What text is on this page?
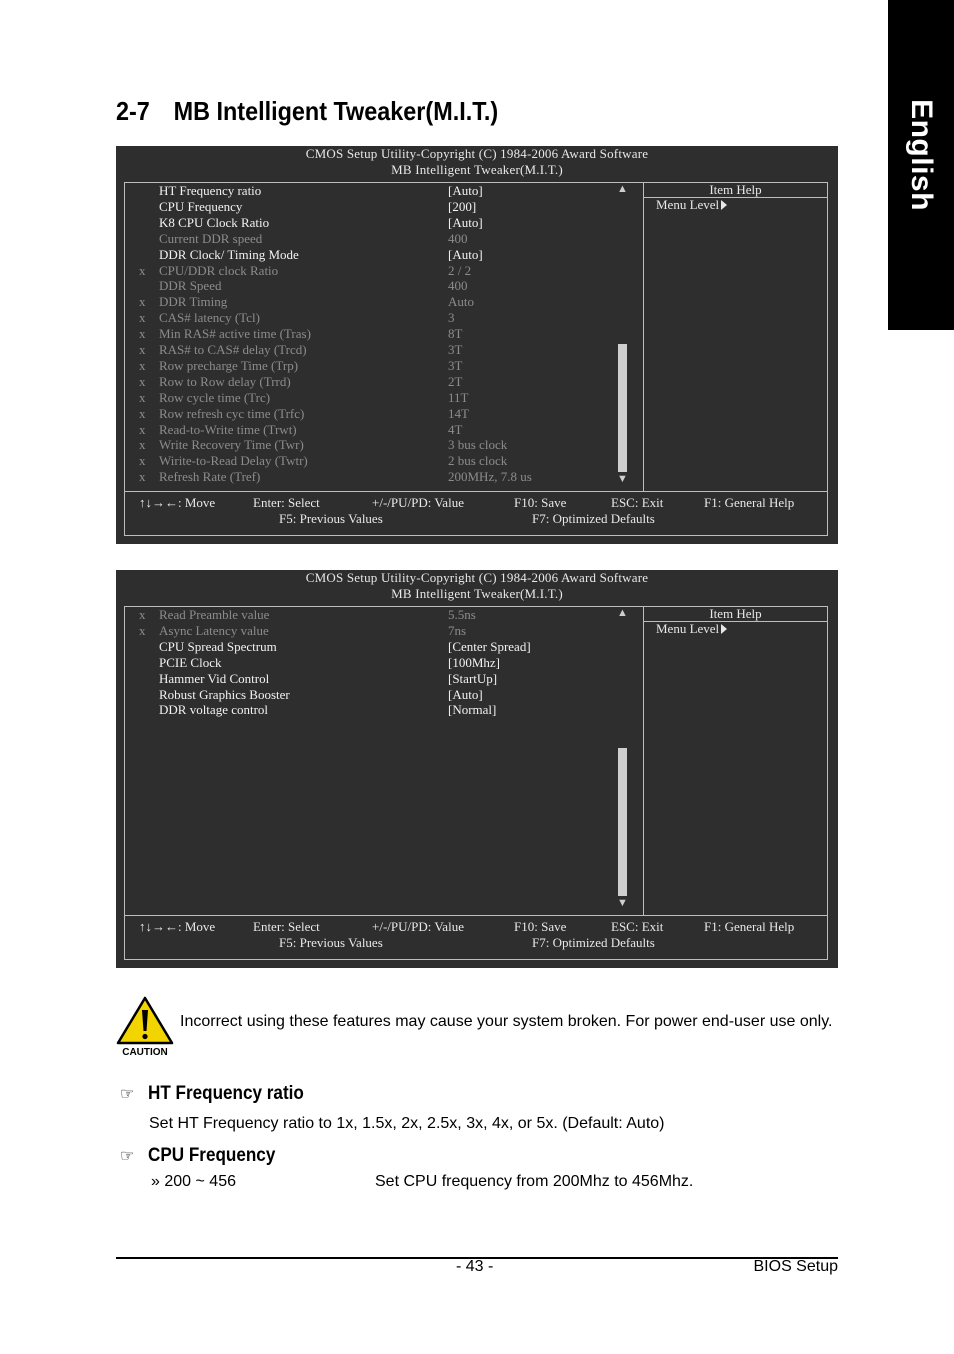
English
2-7 MB Intelligent Tweaker(M.I.T.)
CMOS Setup Utility-Copyright (C) 1984-2006 Award Software
MB Intelligent Tweaker(M.I.T.)
HT Frequency ratio	[Auto]
CPU Frequency	[200]
K8 CPU Clock Ratio	[Auto]
Current DDR speed	400
DDR Clock/ Timing Mode	[Auto]
x CPU/DDR clock Ratio	2 / 2
DDR Speed	400
x DDR Timing	Auto
x CAS# latency (Tcl)	3
x Min RAS# active time (Tras)	8T
x RAS# to CAS# delay (Trcd)	3T
x Row precharge Time (Trp)	3T
x Row to Row delay (Trrd)	2T
x Row cycle time (Trc)	11T
x Row refresh cyc time (Trfc)	14T
x Read-to-Write time (Trwt)	4T
x Write Recovery Time (Twr)	3 bus clock
x Wirite-to-Read Delay (Twtr)	2 bus clock
x Refresh Rate (Tref)	200MHz, 7.8 us
▲
▼
Item Help
Menu Level
↑↓→←: Move	Enter: Select	+/-/PU/PD: Value	F10: Save	ESC: Exit	F1: General Help
F5: Previous Values	F7: Optimized Defaults
CMOS Setup Utility-Copyright (C) 1984-2006 Award Software
MB Intelligent Tweaker(M.I.T.)
x Read Preamble value	5.5ns
x Async Latency value	7ns
CPU Spread Spectrum	[Center Spread]
PCIE Clock	[100Mhz]
Hammer Vid Control	[StartUp]
Robust Graphics Booster	[Auto]
DDR voltage control	[Normal]
▲
▼
Item Help
Menu Level
↑↓→←: Move	Enter: Select	+/-/PU/PD: Value	F10: Save	ESC: Exit	F1: General Help
F5: Previous Values	F7: Optimized Defaults
CAUTION
Incorrect using these features may cause your system broken. For power end-user use only.
☞ HT Frequency ratio
Set HT Frequency ratio to 1x, 1.5x, 2x, 2.5x, 3x, 4x, or 5x. (Default: Auto)
☞ CPU Frequency
» 200 ~ 456	Set CPU frequency from 200Mhz to 456Mhz.
- 43 -	BIOS Setup
